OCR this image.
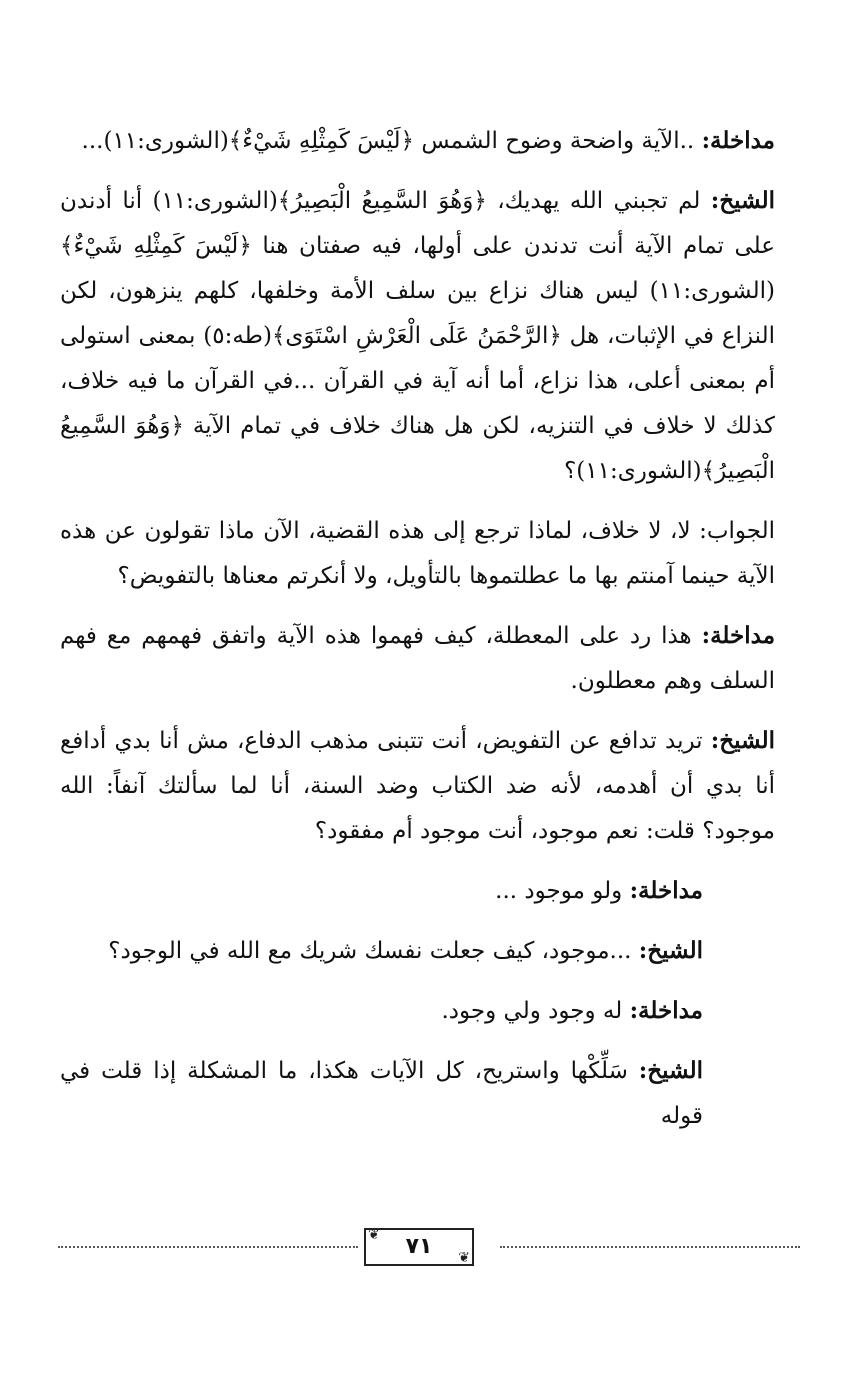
مداخلة: ..الآية واضحة وضوح الشمس ﴿لَيْسَ كَمِثْلِهِ شَيْءٌ﴾(الشورى:١١)...

الشيخ: لم تجبني الله يهديك، ﴿وَهُوَ السَّمِيعُ الْبَصِيرُ﴾(الشورى:١١) أنا أدندن على تمام الآية أنت تدندن على أولها، فيه صفتان هنا ﴿لَيْسَ كَمِثْلِهِ شَيْءٌ﴾(الشورى:١١) ليس هناك نزاع بين سلف الأمة وخلفها، كلهم ينزهون، لكن النزاع في الإثبات، هل ﴿الرَّحْمَنُ عَلَى الْعَرْشِ اسْتَوَى﴾(طه:٥) بمعنى استولى أم بمعنى أعلى، هذا نزاع، أما أنه آية في القرآن ...في القرآن ما فيه خلاف، كذلك لا خلاف في التنزيه، لكن هل هناك خلاف في تمام الآية ﴿وَهُوَ السَّمِيعُ الْبَصِيرُ﴾(الشورى:١١)؟

الجواب: لا، لا خلاف، لماذا ترجع إلى هذه القضية، الآن ماذا تقولون عن هذه الآية حينما آمنتم بها ما عطلتموها بالتأويل، ولا أنكرتم معناها بالتفويض؟

مداخلة: هذا رد على المعطلة، كيف فهموا هذه الآية واتفق فهمهم مع فهم السلف وهم معطلون.

الشيخ: تريد تدافع عن التفويض، أنت تتبنى مذهب الدفاع، مش أنا بدي أدافع أنا بدي أن أهدمه، لأنه ضد الكتاب وضد السنة، أنا لما سألتك آنفاً: الله موجود؟ قلت: نعم موجود، أنت موجود أم مفقود؟

مداخلة: ولو موجود ...

الشيخ: ...موجود، كيف جعلت نفسك شريك مع الله في الوجود؟

مداخلة: له وجود ولي وجود.

الشيخ: سَلِّكْها واستريح، كل الآيات هكذا، ما المشكلة إذا قلت في قوله

❦ ٧١ ❦
